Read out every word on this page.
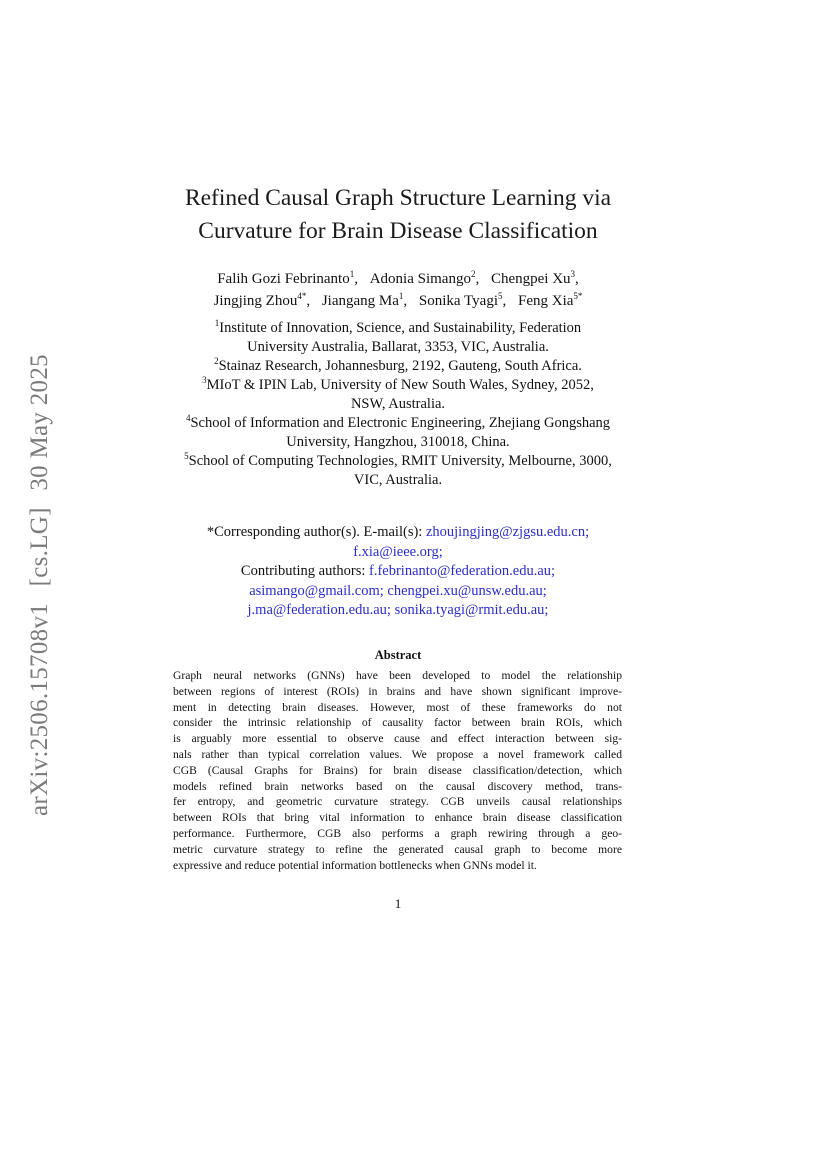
arXiv:2506.15708v1 [cs.LG] 30 May 2025
Refined Causal Graph Structure Learning via
Curvature for Brain Disease Classification
Falih Gozi Febrinanto$^1$, Adonia Simango$^2$, Chengpei Xu$^3$,
Jingjing Zhou$^{4*}$, Jiangang Ma$^1$, Sonika Tyagi$^5$, Feng Xia$^{5*}$
$^1$Institute of Innovation, Science, and Sustainability, Federation
University Australia, Ballarat, 3353, VIC, Australia.
$^2$Stainaz Research, Johannesburg, 2192, Gauteng, South Africa.
$^3$MIoT & IPIN Lab, University of New South Wales, Sydney, 2052,
NSW, Australia.
$^4$School of Information and Electronic Engineering, Zhejiang Gongshang
University, Hangzhou, 310018, China.
$^5$School of Computing Technologies, RMIT University, Melbourne, 3000,
VIC, Australia.
*Corresponding author(s). E-mail(s): zhoujingjing@zjgsu.edu.cn;
f.xia@ieee.org;
Contributing authors: f.febrinanto@federation.edu.au;
asimango@gmail.com; chengpei.xu@unsw.edu.au;
j.ma@federation.edu.au; sonika.tyagi@rmit.edu.au;
Abstract
Graph neural networks (GNNs) have been developed to model the relationship
between regions of interest (ROIs) in brains and have shown significant improve-
ment in detecting brain diseases. However, most of these frameworks do not
consider the intrinsic relationship of causality factor between brain ROIs, which
is arguably more essential to observe cause and effect interaction between sig-
nals rather than typical correlation values. We propose a novel framework called
CGB (Causal Graphs for Brains) for brain disease classification/detection, which
models refined brain networks based on the causal discovery method, trans-
fer entropy, and geometric curvature strategy. CGB unveils causal relationships
between ROIs that bring vital information to enhance brain disease classification
performance. Furthermore, CGB also performs a graph rewiring through a geo-
metric curvature strategy to refine the generated causal graph to become more
expressive and reduce potential information bottlenecks when GNNs model it.
1
